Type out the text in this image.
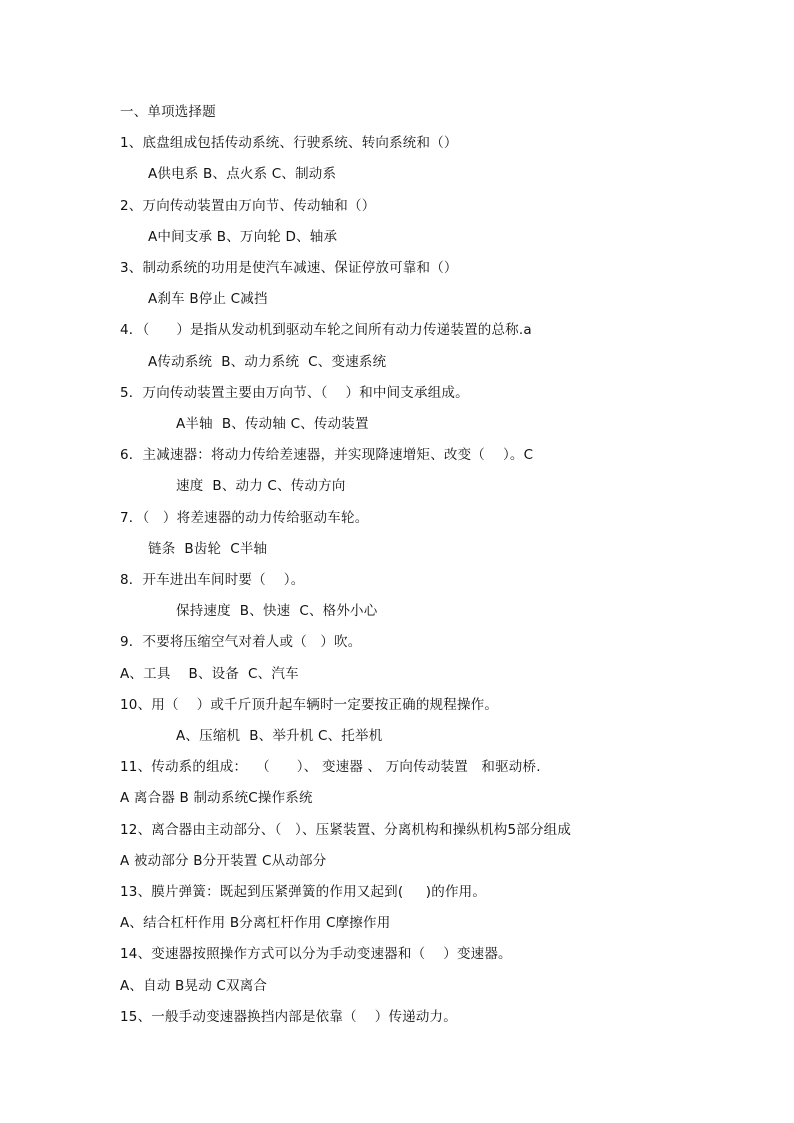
一、单项选择题
1、底盘组成包括传动系统、行驶系统、转向系统和（）
A供电系 B、点火系 C、制动系
2、万向传动装置由万向节、传动轴和（）
A中间支承 B、万向轮 D、轴承
3、制动系统的功用是使汽车减速、保证停放可靠和（）
A刹车 B停止 C减挡
4．（      ）是指从发动机到驱动车轮之间所有动力传递装置的总称.a
A传动系统  B、动力系统  C、变速系统
5．万向传动装置主要由万向节、（    ）和中间支承组成。
A半轴  B、传动轴 C、传动装置
6．主减速器：将动力传给差速器，并实现降速增矩、改变（    ）。C
速度  B、动力 C、传动方向
7．（   ）将差速器的动力传给驱动车轮。
链条  B齿轮  C半轴
8．开车进出车间时要（    ）。
保持速度  B、快速  C、格外小心
9．不要将压缩空气对着人或（   ）吹。
A、工具    B、设备  C、汽车
10、用（    ）或千斤顶升起车辆时一定要按正确的规程操作。
A、压缩机  B、举升机 C、托举机
11、传动系的组成：  （      ）、 变速器 、 万向传动装置   和驱动桥.
A 离合器 B 制动系统C操作系统
12、离合器由主动部分、（   ）、压紧装置、分离机构和操纵机构5部分组成
A 被动部分 B分开装置 C从动部分
13、膜片弹簧：既起到压紧弹簧的作用又起到(     )的作用。
A、结合杠杆作用 B分离杠杆作用 C摩擦作用
14、变速器按照操作方式可以分为手动变速器和（    ）变速器。
A、自动 B晃动 C双离合
15、一般手动变速器换挡内部是依靠（    ）传递动力。
